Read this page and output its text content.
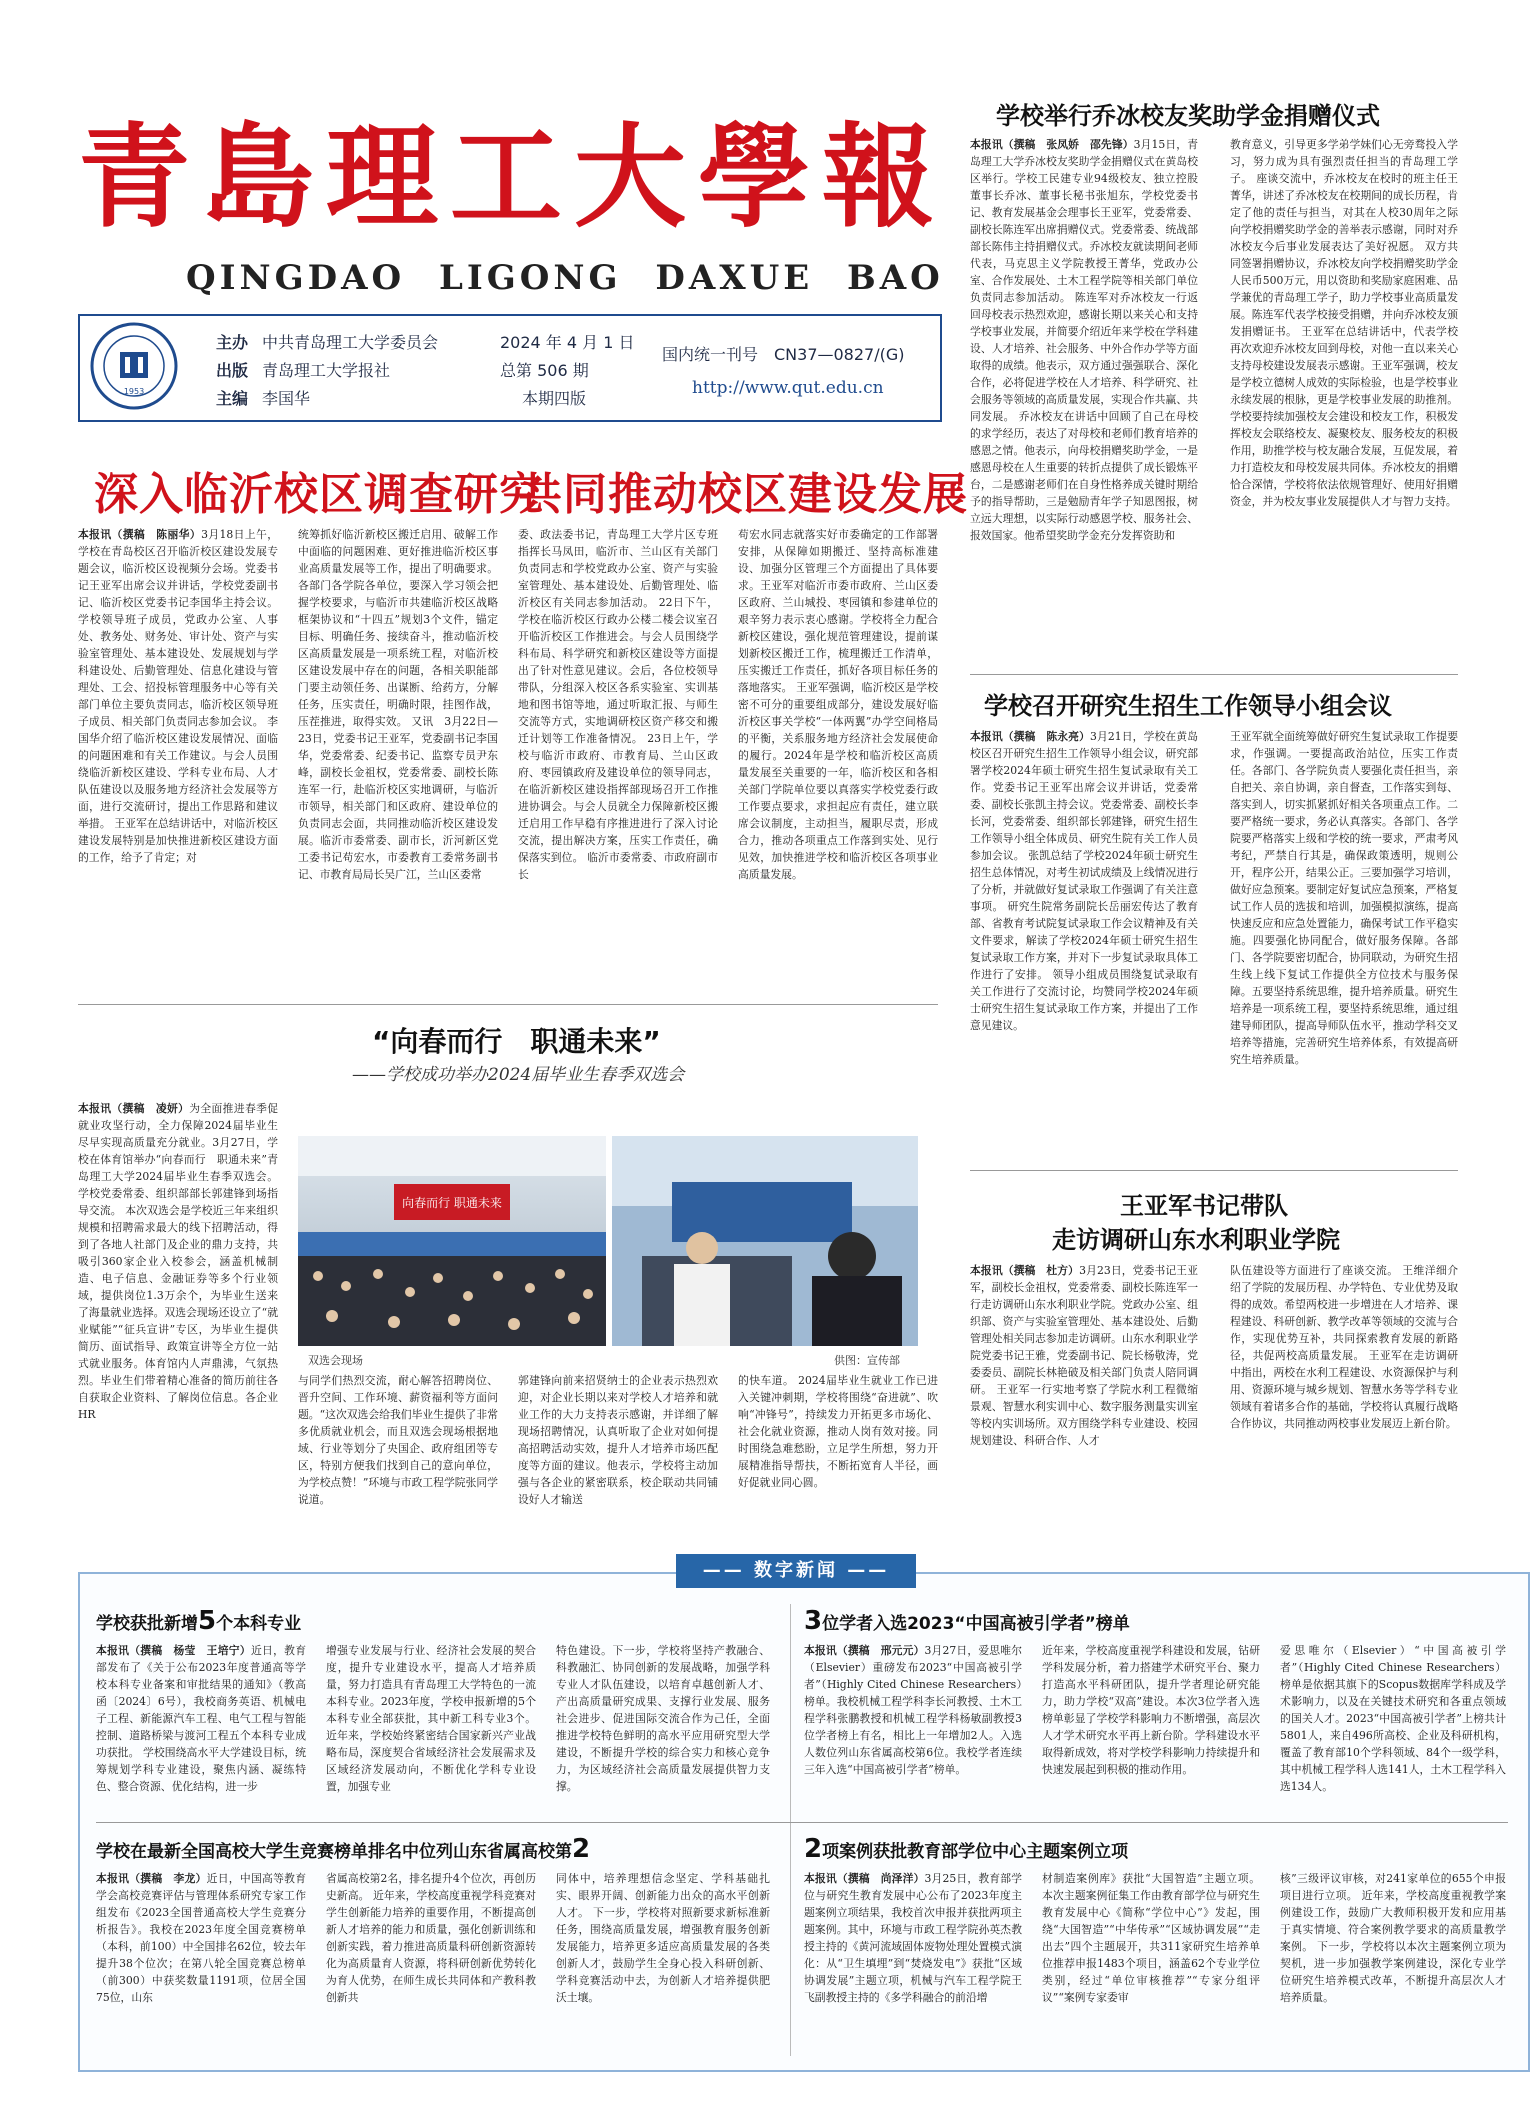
青島理工大學報
QINGDAO LIGONG DAXUE BAO
1953
主办 中共青岛理工大学委员会
出版 青岛理工大学报社
主编 李国华
2024 年 4 月 1 日
总第 506 期
本期四版
国内统一刊号　CN37—0827/(G)
http://www.qut.edu.cn
学校举行乔冰校友奖助学金捐赠仪式
本报讯（撰稿　张凤娇　邵先锋）3月15日，青岛理工大学乔冰校友奖助学金捐赠仪式在黄岛校区举行。学校工民建专业94级校友、独立控股董事长乔冰、董事长秘书张旭东，学校党委书记、教育发展基金会理事长王亚军，党委常委、副校长陈连军出席捐赠仪式。党委常委、统战部部长陈伟主持捐赠仪式。乔冰校友就读期间老师代表，马克思主义学院教授王菁华，党政办公室、合作发展处、土木工程学院等相关部门单位负责同志参加活动。 陈连军对乔冰校友一行返回母校表示热烈欢迎，感谢长期以来关心和支持学校事业发展，并简要介绍近年来学校在学科建设、人才培养、社会服务、中外合作办学等方面取得的成绩。他表示，双方通过强强联合、深化合作，必将促进学校在人才培养、科学研究、社会服务等领域的高质量发展，实现合作共赢、共同发展。 乔冰校友在讲话中回顾了自己在母校的求学经历，表达了对母校和老师们教育培养的感恩之情。他表示，向母校捐赠奖助学金，一是感恩母校在人生重要的转折点提供了成长锻炼平台，二是感谢老师们在自身性格养成关键时期给予的指导帮助，三是勉励青年学子知恩图报，树立远大理想，以实际行动感恩学校、服务社会、报效国家。他希望奖助学金充分发挥资助和
教育意义，引导更多学弟学妹们心无旁骛投入学习，努力成为具有强烈责任担当的青岛理工学子。 座谈交流中，乔冰校友在校时的班主任王菁华，讲述了乔冰校友在校期间的成长历程，肯定了他的责任与担当，对其在人校30周年之际向学校捐赠奖助学金的善举表示感谢，同时对乔冰校友今后事业发展表达了美好祝愿。 双方共同签署捐赠协议，乔冰校友向学校捐赠奖助学金人民币500万元，用以资助和奖励家庭困难、品学兼优的青岛理工学子，助力学校事业高质量发展。陈连军代表学校接受捐赠，并向乔冰校友颁发捐赠证书。 王亚军在总结讲话中，代表学校再次欢迎乔冰校友回到母校，对他一直以来关心支持母校建设发展表示感谢。王亚军强调，校友是学校立德树人成效的实际检验，也是学校事业永续发展的根脉，更是学校事业发展的助推剂。学校要持续加强校友会建设和校友工作，积极发挥校友会联络校友、凝聚校友、服务校友的积极作用，助推学校与校友融合发展，互促发展，着力打造校友和母校发展共同体。乔冰校友的捐赠恰合深情，学校将依法依规管理好、使用好捐赠资金，并为校友事业发展提供人才与智力支持。
学校召开研究生招生工作领导小组会议
本报讯（撰稿　陈永亮）3月21日，学校在黄岛校区召开研究生招生工作领导小组会议，研究部署学校2024年硕士研究生招生复试录取有关工作。党委书记王亚军出席会议并讲话，党委常委、副校长张凯主持会议。党委常委、副校长李长河，党委常委、组织部长郭建锋，研究生招生工作领导小组全体成员、研究生院有关工作人员参加会议。 张凯总结了学校2024年硕士研究生招生总体情况，对考生初试成绩及上线情况进行了分析，并就做好复试录取工作强调了有关注意事项。 研究生院常务副院长岳丽宏传达了教育部、省教育考试院复试录取工作会议精神及有关文件要求，解读了学校2024年硕士研究生招生复试录取工作方案，并对下一步复试录取具体工作进行了安排。 领导小组成员围绕复试录取有关工作进行了交流讨论，均赞同学校2024年硕士研究生招生复试录取工作方案，并提出了工作意见建议。
王亚军就全面统筹做好研究生复试录取工作提要求，作强调。一要提高政治站位，压实工作责任。各部门、各学院负责人要强化责任担当，亲自把关、亲自协调，亲自督查，工作落实到每、落实到人，切实抓紧抓好相关各项重点工作。二要严格统一要求，务必认真落实。各部门、各学院要严格落实上级和学校的统一要求，严肃考风考纪，严禁自行其是，确保政策透明，规则公开，程序公开，结果公正。三要加强学习培训，做好应急预案。要制定好复试应急预案，严格复试工作人员的选拔和培训，加强模拟演练，提高快速反应和应急处置能力，确保考试工作平稳实施。四要强化协同配合，做好服务保障。各部门、各学院要密切配合，协同联动，为研究生招生线上线下复试工作提供全方位技术与服务保障。五要坚持系统思维，提升培养质量。研究生培养是一项系统工程，要坚持系统思维，通过组建导师团队，提高导师队伍水平，推动学科交叉培养等措施，完善研究生培养体系，有效提高研究生培养质量。
王亚军书记带队
走访调研山东水利职业学院
本报讯（撰稿　杜方）3月23日，党委书记王亚军，副校长金祖权，党委常委、副校长陈连军一行走访调研山东水利职业学院。党政办公室、组织部、资产与实验室管理处、基本建设处、后勤管理处相关同志参加走访调研。山东水利职业学院党委书记王雅，党委副书记、院长杨敬涛，党委委员、副院长林艳破及相关部门负责人陪同调研。 王亚军一行实地考察了学院水利工程微缩景观、智慧水利实训中心、数字服务测量实训室等校内实训场所。双方围绕学科专业建设、校园规划建设、科研合作、人才
队伍建设等方面进行了座谈交流。 王维洋细介绍了学院的发展历程、办学特色、专业优势及取得的成效。希望两校进一步增进在人才培养、课程建设、科研创新、教学改革等领域的交流与合作，实现优势互补，共同探索教育发展的新路径，共促两校高质量发展。 王亚军在走访调研中指出，两校在水利工程建设、水资源保护与利用、资源环境与城乡规划、智慧水务等学科专业领域有着诸多合作的基础，学校将认真履行战略合作协议，共同推动两校事业发展迈上新台阶。
深入临沂校区调查研究
共同推动校区建设发展
本报讯（撰稿　陈丽华）3月18日上午，学校在青岛校区召开临沂校区建设发展专题会议，临沂校区设视频分会场。党委书记王亚军出席会议并讲话，学校党委副书记、临沂校区党委书记李国华主持会议。学校领导班子成员，党政办公室、人事处、教务处、财务处、审计处、资产与实验室管理处、基本建设处、发展规划与学科建设处、后勤管理处、信息化建设与管理处、工会、招投标管理服务中心等有关部门单位主要负责同志，临沂校区领导班子成员、相关部门负责同志参加会议。 李国华介绍了临沂校区建设发展情况、面临的问题困难和有关工作建议。与会人员围绕临沂新校区建设、学科专业布局、人才队伍建设以及服务地方经济社会发展等方面，进行交流研讨，提出工作思路和建议举措。 王亚军在总结讲话中，对临沂校区建设发展特别是加快推进新校区建设方面的工作，给予了肯定；对
统筹抓好临沂新校区搬迁启用、破解工作中面临的问题困难、更好推进临沂校区事业高质量发展等工作，提出了明确要求。各部门各学院各单位，要深入学习领会把握学校要求，与临沂市共建临沂校区战略框架协议和“十四五”规划3个文件，锚定目标、明确任务、接续奋斗，推动临沂校区高质量发展是一项系统工程，对临沂校区建设发展中存在的问题，各相关职能部门要主动领任务、出谋断、给药方，分解任务，压实责任，明确时限，挂图作战，压茬推进，取得实效。 又讯　3月22日—23日，党委书记王亚军，党委副书记李国华，党委常委、纪委书记、监察专员尹东峰，副校长金祖权，党委常委、副校长陈连军一行，赴临沂校区实地调研，与临沂市领导，相关部门和区政府、建设单位的负责同志会面，共同推动临沂校区建设发展。临沂市委常委、副市长，沂河新区党工委书记苟宏水，市委教育工委常务副书记、市教育局局长吴广江，兰山区委常
委、政法委书记，青岛理工大学片区专班指挥长马凤田，临沂市、兰山区有关部门负责同志和学校党政办公室、资产与实验室管理处、基本建设处、后勤管理处、临沂校区有关同志参加活动。 22日下午，学校在临沂校区行政办公楼二楼会议室召开临沂校区工作推进会。与会人员围绕学科布局、科学研究和新校区建设等方面提出了针对性意见建议。会后，各位校领导带队，分组深入校区各系实验室、实训基地和图书馆等地，通过听取汇报、与师生交流等方式，实地调研校区资产移交和搬迁计划等工作准备情况。 23日上午，学校与临沂市政府、市教育局、兰山区政府、枣园镇政府及建设单位的领导同志，在临沂新校区建设指挥部现场召开工作推进协调会。与会人员就全力保障新校区搬迁启用工作早稳有序推进进行了深入讨论交流，提出解决方案，压实工作责任，确保落实到位。 临沂市委常委、市政府副市长
苟宏水同志就落实好市委确定的工作部署安排，从保障如期搬迁、坚持高标准建设、加强分区管理三个方面提出了具体要求。王亚军对临沂市委市政府、兰山区委区政府、兰山城投、枣园镇和参建单位的艰辛努力表示衷心感谢。学校将全力配合新校区建设，强化规范管理建设，提前谋划新校区搬迁工作，梳理搬迁工作清单，压实搬迁工作责任，抓好各项目标任务的落地落实。 王亚军强调，临沂校区是学校密不可分的重要组成部分，建设发展好临沂校区事关学校“一体两翼”办学空间格局的平衡，关系服务地方经济社会发展使命的履行。2024年是学校和临沂校区高质量发展至关重要的一年，临沂校区和各相关部门学院单位要以真落实学校党委行政工作要点要求，求担起应有责任，建立联席会议制度，主动担当，履职尽责，形成合力，推动各项重点工作落到实处、见行见效，加快推进学校和临沂校区各项事业高质量发展。
“向春而行　职通未来”
——学校成功举办2024届毕业生春季双选会
本报讯（撰稿　凌妍）为全面推进春季促就业攻坚行动，全力保障2024届毕业生尽早实现高质量充分就业。3月27日，学校在体育馆举办“向春而行　职通未来”青岛理工大学2024届毕业生春季双选会。学校党委常委、组织部部长郭建锋到场指导交流。 本次双选会是学校近三年来组织规模和招聘需求最大的线下招聘活动，得到了各地人社部门及企业的鼎力支持，共吸引360家企业入校参会，涵盖机械制造、电子信息、金融证券等多个行业领域，提供岗位1.3万余个，为毕业生送来了海量就业选择。双选会现场还设立了“就业赋能”“征兵宣讲”专区，为毕业生提供简历、面试指导、政策宣讲等全方位一站式就业服务。体育馆内人声鼎沸，气氛热烈。毕业生们带着精心准备的简历前往各自获取企业资料、了解岗位信息。各企业HR
向春而行 职通未来
双选会现场	供图：宣传部
与同学们热烈交流，耐心解答招聘岗位、晋升空间、工作环境、薪资福利等方面问题。“这次双选会给我们毕业生提供了非常多优质就业机会，而且双选会现场根据地域、行业等划分了央国企、政府组团等专区，特别方便我们找到自己的意向单位，为学校点赞！”环境与市政工程学院张同学说道。
郭建锋向前来招贤纳士的企业表示热烈欢迎，对企业长期以来对学校人才培养和就业工作的大力支持表示感谢，并详细了解现场招聘情况，认真听取了企业对如何提高招聘活动实效，提升人才培养市场匹配度等方面的建议。他表示，学校将主动加强与各企业的紧密联系，校企联动共同铺设好人才输送
的快车道。 2024届毕业生就业工作已进入关键冲刺期，学校将围绕“奋进就”、吹响“冲锋号”，持续发力开拓更多市场化、社会化就业资源，推动人岗有效对接。同时围绕急难愁盼，立足学生所想，努力开展精准指导帮扶，不断拓宽育人半径，画好促就业同心圆。
—— 数字新闻 ——
学校获批新增5个本科专业
本报讯（撰稿　杨莹　王培宁）近日，教育部发布了《关于公布2023年度普通高等学校本科专业备案和审批结果的通知》（教高函〔2024〕6号），我校商务英语、机械电子工程、新能源汽车工程、电气工程与智能控制、道路桥梁与渡河工程五个本科专业成功获批。 学校围绕高水平大学建设目标，统筹规划学科专业建设，聚焦内涵、凝练特色、整合资源、优化结构，进一步
增强专业发展与行业、经济社会发展的契合度，提升专业建设水平，提高人才培养质量，努力打造具有青岛理工大学特色的一流本科专业。2023年度，学校申报新增的5个本科专业全部获批，其中新工科专业3个。 近年来，学校始终紧密结合国家新兴产业战略布局，深度契合省域经济社会发展需求及区域经济发展动向，不断优化学科专业设置，加强专业
特色建设。下一步，学校将坚持产教融合、科教融汇、协同创新的发展战略，加强学科专业人才队伍建设，以培育卓越创新人才、产出高质量研究成果、支撑行业发展、服务社会进步、促进国际交流合作为己任，全面推进学校特色鲜明的高水平应用研究型大学建设，不断提升学校的综合实力和核心竞争力，为区域经济社会高质量发展提供智力支撑。
3位学者入选2023“中国高被引学者”榜单
本报讯（撰稿　邢元元）3月27日，爱思唯尔（Elsevier）重磅发布2023“中国高被引学者”（Highly Cited Chinese Researchers）榜单。我校机械工程学科李长河教授、土木工程学科张鹏教授和机械工程学科杨敏副教授3位学者榜上有名，相比上一年增加2人。入选人数位列山东省属高校第6位。我校学者连续三年入选“中国高被引学者”榜单。
近年来，学校高度重视学科建设和发展，钻研学科发展分析，着力搭建学术研究平台、聚力打造高水平科研团队，提升学者理论研究能力，助力学校“双高”建设。本次3位学者入选榜单彰显了学校学科影响力不断增强，高层次人才学术研究水平再上新台阶。学科建设水平取得新成效，将对学校学科影响力持续提升和快速发展起到积极的推动作用。
爱思唯尔（Elsevier）“中国高被引学者”（Highly Cited Chinese Researchers）榜单是依据其旗下的Scopus数据库学科成及学术影响力，以及在关键技术研究和各重点领域的国关人才。2023“中国高被引学者”上榜共计5801人，来自496所高校、企业及科研机构，覆盖了教育部10个学科领域、84个一级学科，其中机械工程学科人选141人，土木工程学科入选134人。
学校在最新全国高校大学生竞赛榜单排名中位列山东省属高校第2
本报讯（撰稿　李龙）近日，中国高等教育学会高校竞赛评估与管理体系研究专家工作组发布《2023全国普通高校大学生竞赛分析报告》。我校在2023年度全国竞赛榜单（本科，前100）中全国排名62位，较去年提升38个位次；在第八轮全国竞赛总榜单（前300）中获奖数量1191项，位居全国75位，山东
省属高校第2名，排名提升4个位次，再创历史新高。 近年来，学校高度重视学科竞赛对学生创新能力培养的重要作用，不断提高创新人才培养的能力和质量，强化创新训练和创新实践，着力推进高质量科研创新资源转化为高质量育人资源，将科研创新优势转化为育人优势，在师生成长共同体和产教科教创新共
同体中，培养理想信念坚定、学科基础扎实、眼界开阔、创新能力出众的高水平创新人才。 下一步，学校将对照新要求新标准新任务，围绕高质量发展，增强教育服务创新发展能力，培养更多适应高质量发展的各类创新人才，鼓励学生全身心投入科研创新、学科竞赛活动中去，为创新人才培养提供肥沃土壤。
2项案例获批教育部学位中心主题案例立项
本报讯（撰稿　尚泽洋）3月25日，教育部学位与研究生教育发展中心公布了2023年度主题案例立项结果，我校首次申报并获批两项主题案例。其中，环境与市政工程学院孙英杰教授主持的《黄河流域固体废物处理处置模式演化：从“卫生填埋”到“焚烧发电”》获批“区域协调发展”主题立项，机械与汽车工程学院王飞副教授主持的《多学科融合的前沿增
材制造案例库》获批“大国智造”主题立项。 本次主题案例征集工作由教育部学位与研究生教育发展中心《简称“学位中心”》发起，围绕“大国智造”“中华传承”“区域协调发展”“走出去”四个主题展开，共311家研究生培养单位推荐申报1483个项目，涵盖62个专业学位类别，经过“单位审核推荐”“专家分组评议”“案例专家委审
核”三级评议审核，对241家单位的655个申报项目进行立项。 近年来，学校高度重视教学案例建设工作，鼓励广大教师积极开发和应用基于真实情境、符合案例教学要求的高质量教学案例。 下一步，学校将以本次主题案例立项为契机，进一步加强教学案例建设，深化专业学位研究生培养模式改革，不断提升高层次人才培养质量。
